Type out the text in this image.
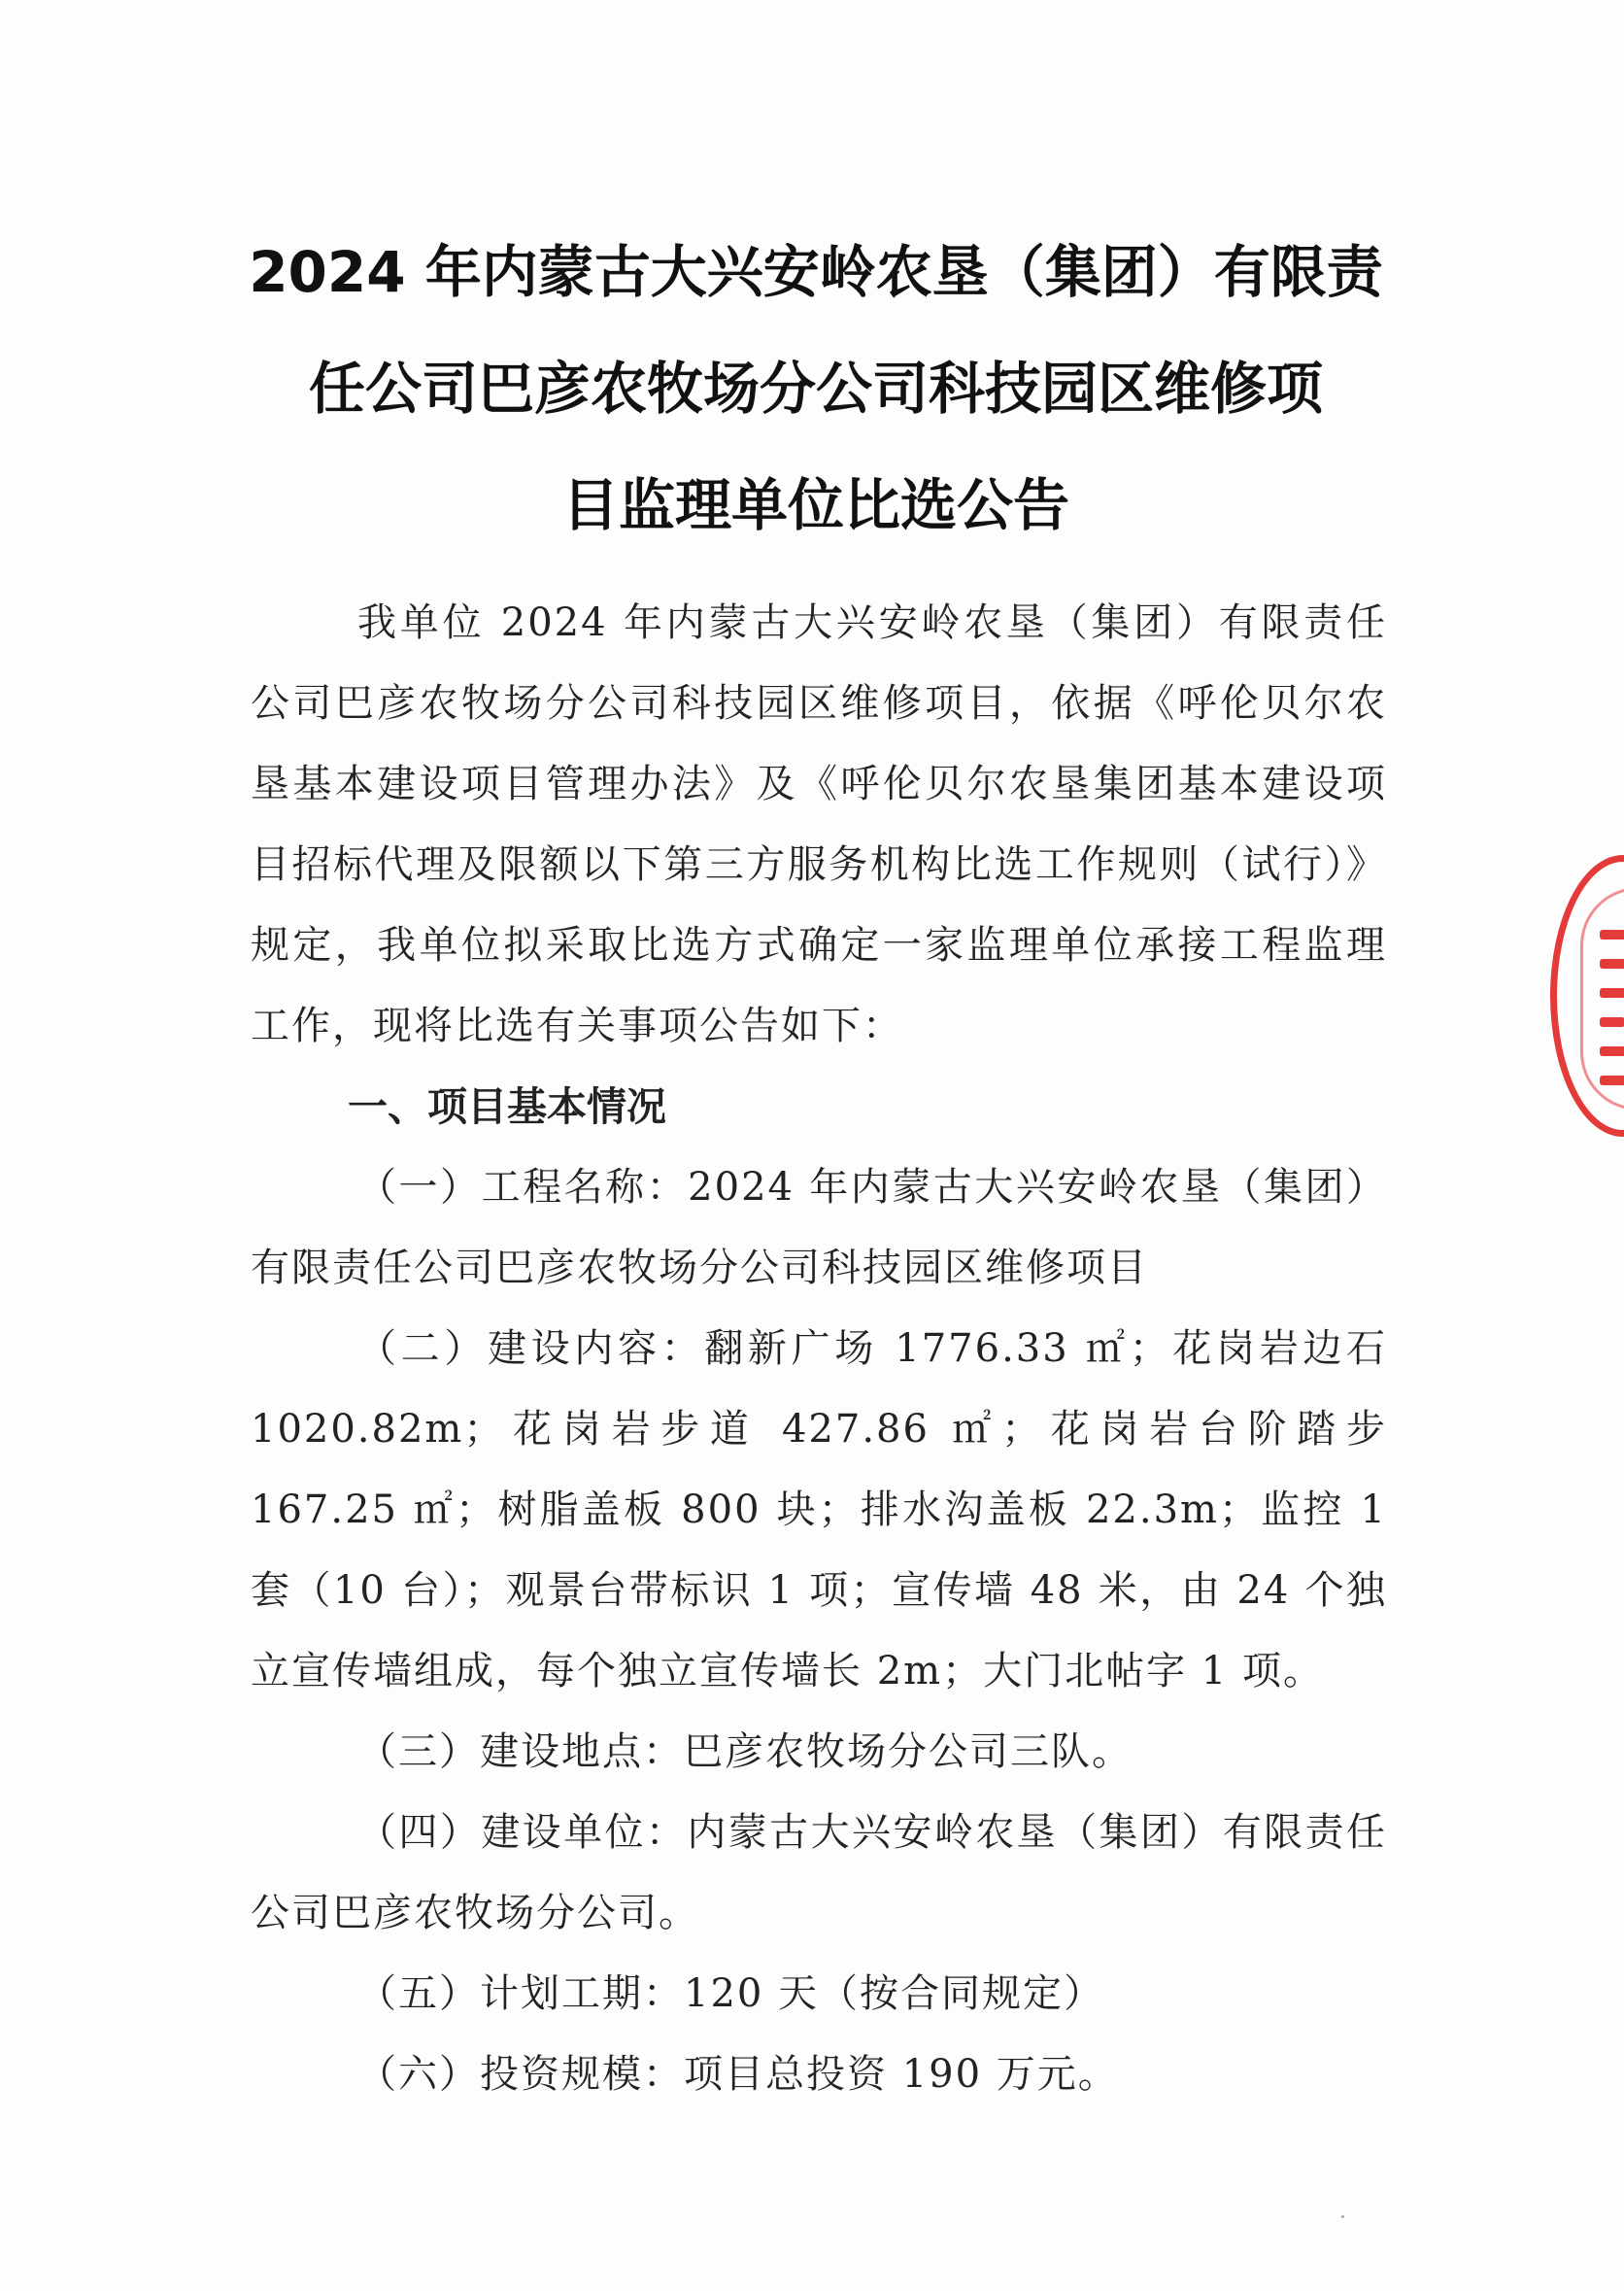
2024 年内蒙古大兴安岭农垦（集团）有限责
任公司巴彦农牧场分公司科技园区维修项
目监理单位比选公告

我单位 2024 年内蒙古大兴安岭农垦（集团）有限责任公司巴彦农牧场分公司科技园区维修项目，依据《呼伦贝尔农垦基本建设项目管理办法》及《呼伦贝尔农垦集团基本建设项目招标代理及限额以下第三方服务机构比选工作规则（试行）》规定，我单位拟采取比选方式确定一家监理单位承接工程监理工作，现将比选有关事项公告如下：

一、项目基本情况

（一）工程名称：2024 年内蒙古大兴安岭农垦（集团）有限责任公司巴彦农牧场分公司科技园区维修项目

（二）建设内容：翻新广场 1776.33 ㎡；花岗岩边石 1020.82m；花岗岩步道 427.86 ㎡；花岗岩台阶踏步 167.25 ㎡；树脂盖板 800 块；排水沟盖板 22.3m；监控 1 套（10 台）；观景台带标识 1 项；宣传墙 48 米，由 24 个独立宣传墙组成，每个独立宣传墙长 2m；大门北帖字 1 项。

（三）建设地点：巴彦农牧场分公司三队。

（四）建设单位：内蒙古大兴安岭农垦（集团）有限责任公司巴彦农牧场分公司。

（五）计划工期：120 天（按合同规定）

（六）投资规模：项目总投资 190 万元。
